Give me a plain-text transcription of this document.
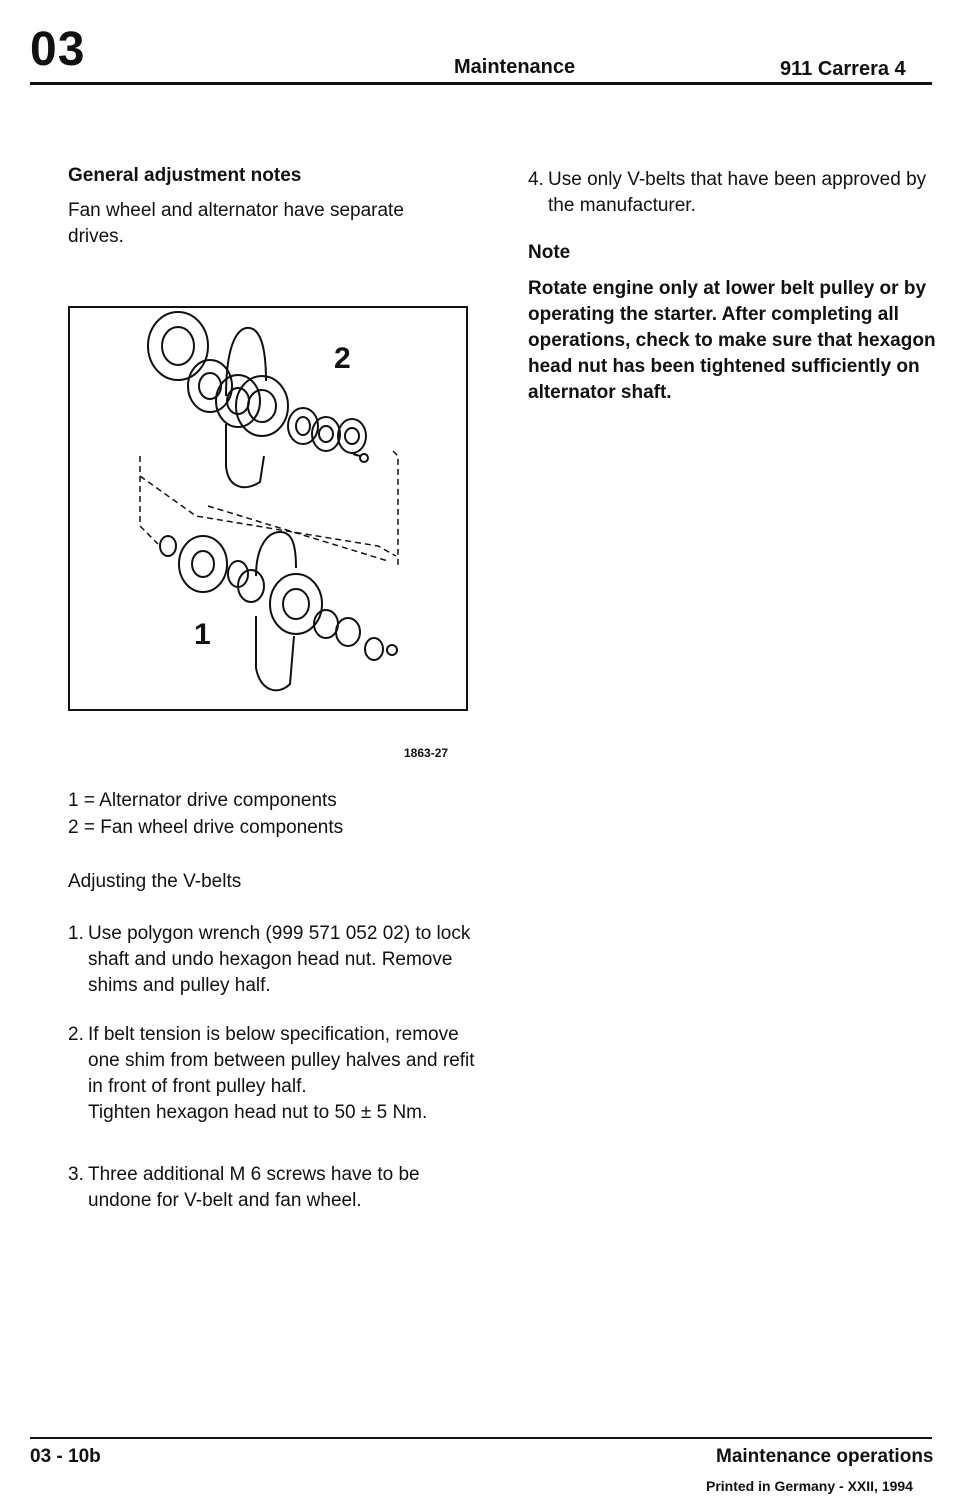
03	Maintenance	911 Carrera 4
General adjustment notes
Fan wheel and alternator have separate drives.
2
1
1863-27
1 = Alternator drive components
2 = Fan wheel drive components
Adjusting the V-belts
1. Use polygon wrench (999 571 052 02) to lock shaft and undo hexagon head nut. Remove shims and pulley half.
2. If belt tension is below specification, remove one shim from between pulley halves and refit in front of front pulley half.
Tighten hexagon head nut to 50 ± 5 Nm.
3. Three additional M 6 screws have to be undone for V-belt and fan wheel.
4. Use only V-belts that have been approved by the manufacturer.
Note
Rotate engine only at lower belt pulley or by operating the starter. After completing all operations, check to make sure that hexagon head nut has been tightened sufficiently on alternator shaft.
03 - 10b	Maintenance operations
Printed in Germany - XXII, 1994
